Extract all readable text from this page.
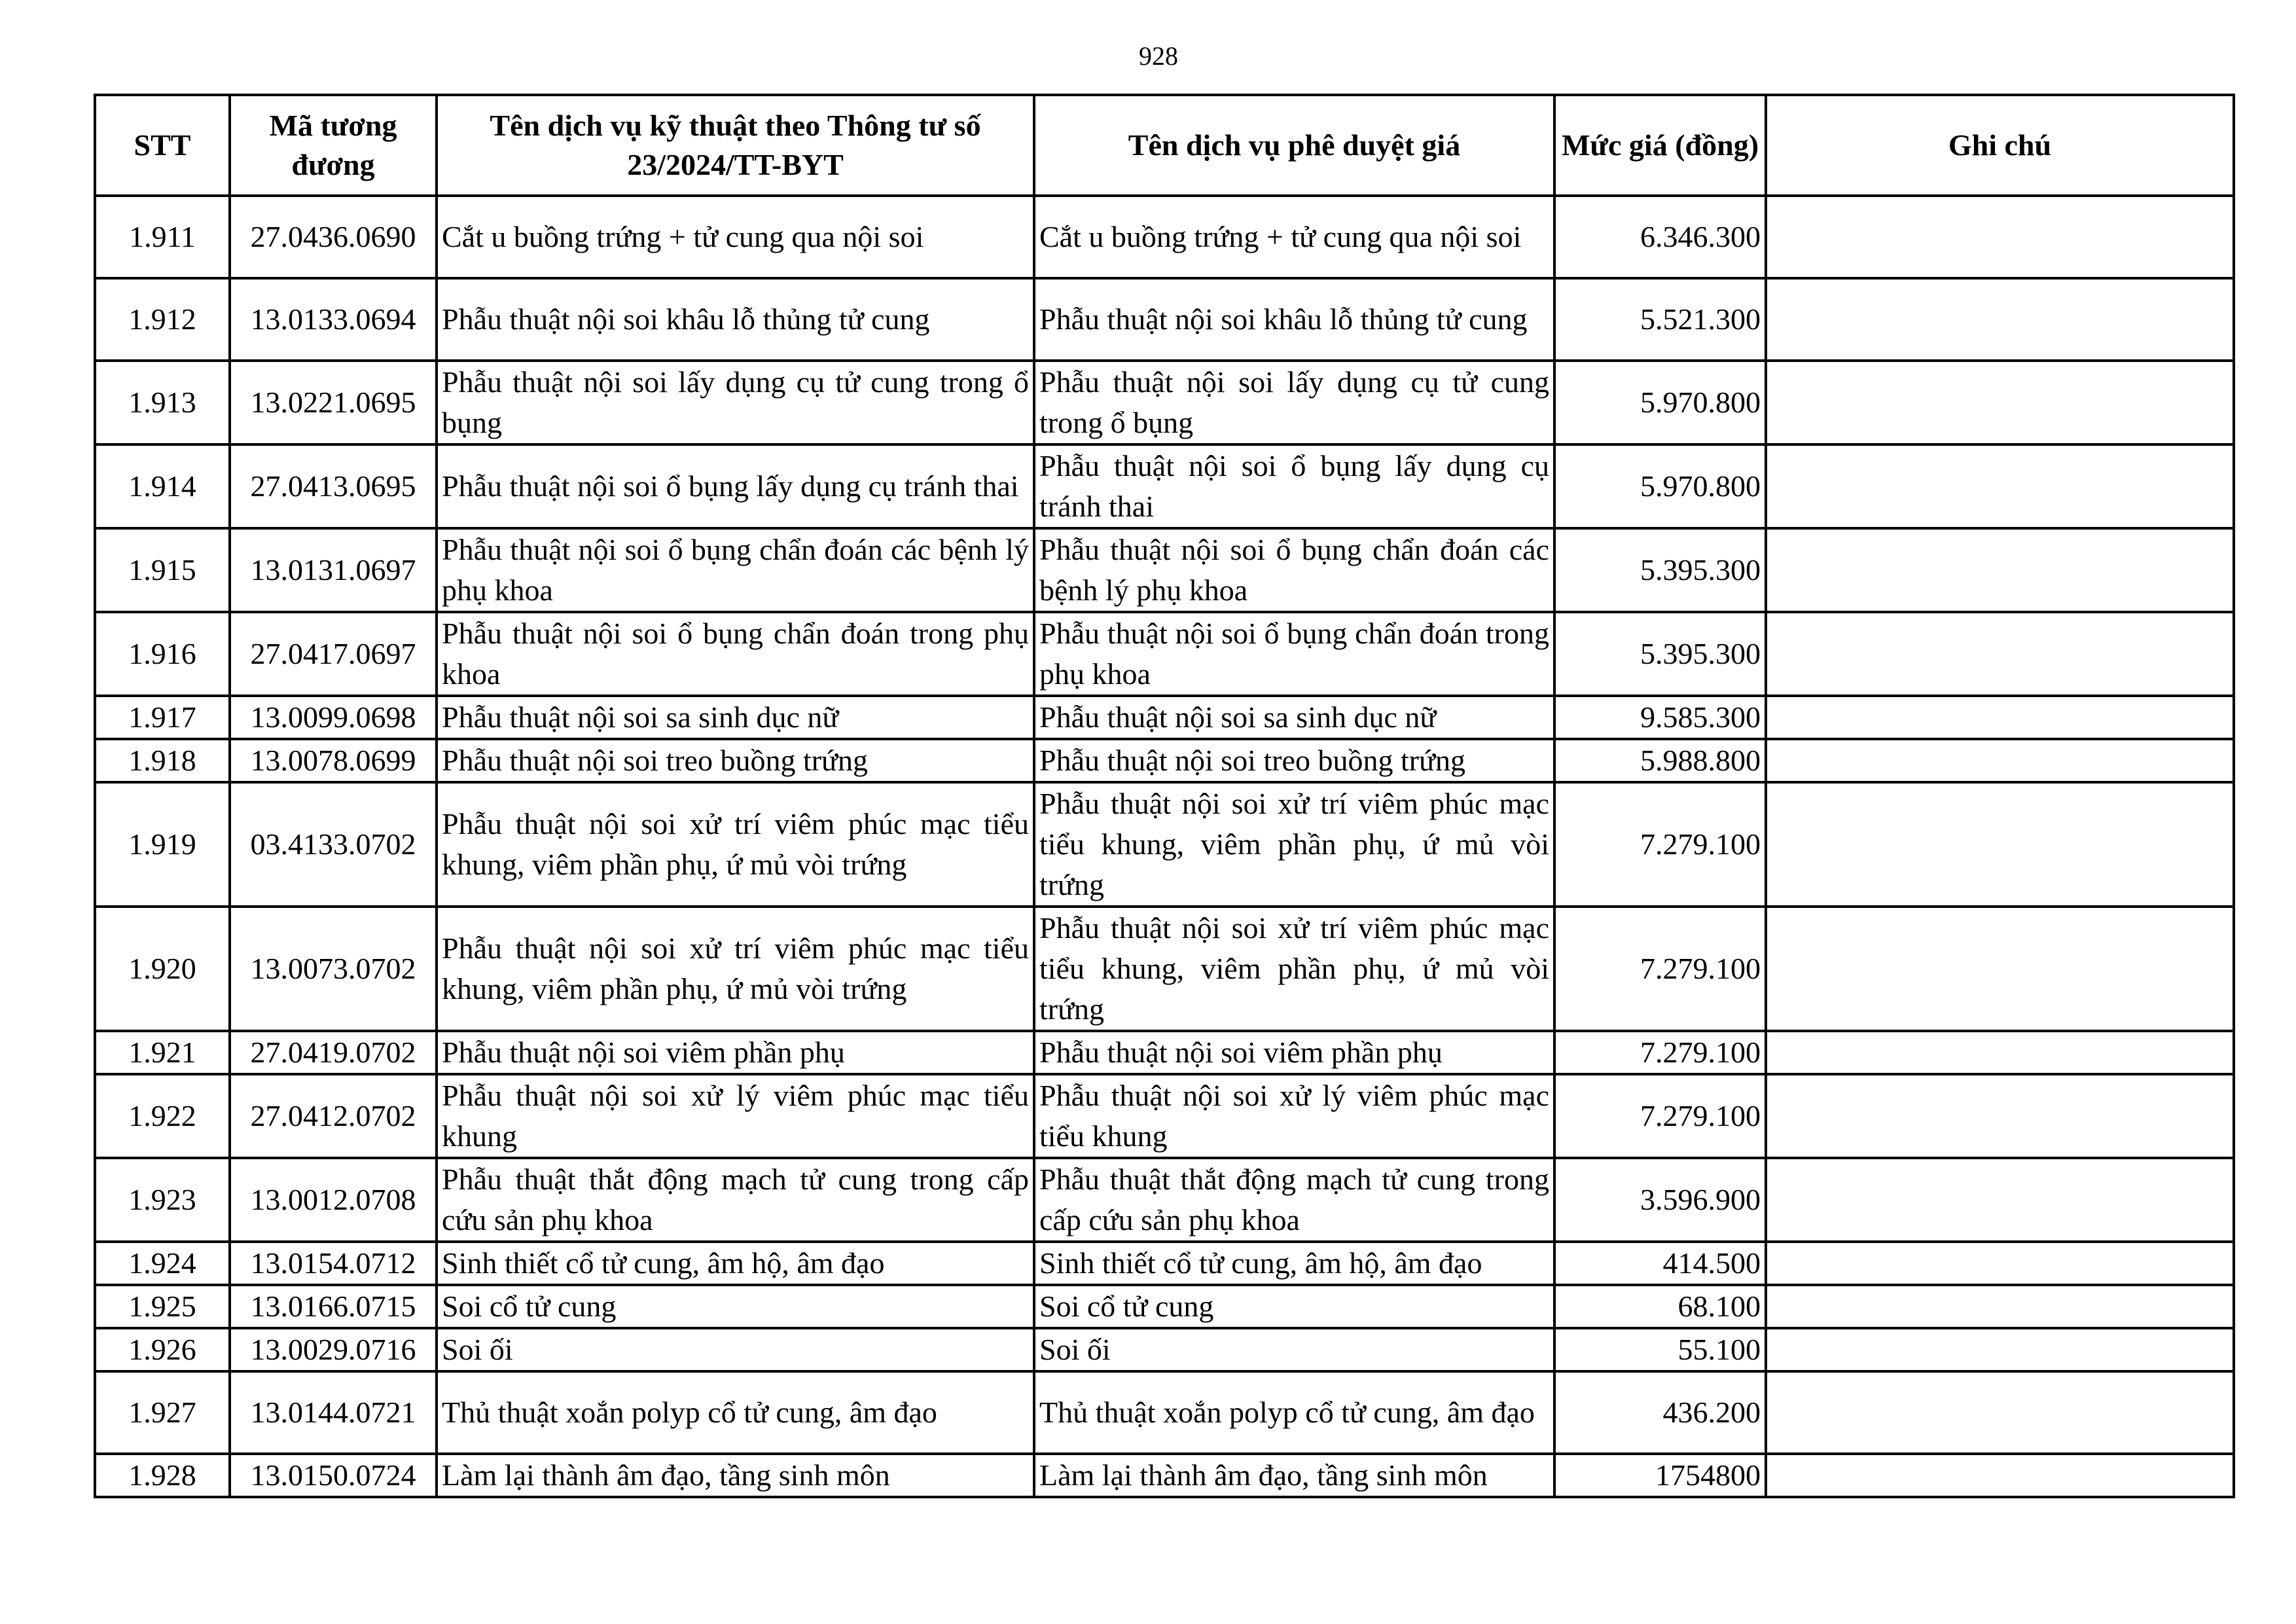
928
STT	Mã tương đương	Tên dịch vụ kỹ thuật theo Thông tư số 23/2024/TT-BYT	Tên dịch vụ phê duyệt giá	Mức giá (đồng)	Ghi chú
1.911	27.0436.0690	Cắt u buồng trứng + tử cung qua nội soi	Cắt u buồng trứng + tử cung qua nội soi	6.346.300	
1.912	13.0133.0694	Phẫu thuật nội soi khâu lỗ thủng tử cung	Phẫu thuật nội soi khâu lỗ thủng tử cung	5.521.300	
1.913	13.0221.0695	Phẫu thuật nội soi lấy dụng cụ tử cung trong ổ bụng	Phẫu thuật nội soi lấy dụng cụ tử cung trong ổ bụng	5.970.800	
1.914	27.0413.0695	Phẫu thuật nội soi ổ bụng lấy dụng cụ tránh thai	Phẫu thuật nội soi ổ bụng lấy dụng cụ tránh thai	5.970.800	
1.915	13.0131.0697	Phẫu thuật nội soi ổ bụng chẩn đoán các bệnh lý phụ khoa	Phẫu thuật nội soi ổ bụng chẩn đoán các bệnh lý phụ khoa	5.395.300	
1.916	27.0417.0697	Phẫu thuật nội soi ổ bụng chẩn đoán trong phụ khoa	Phẫu thuật nội soi ổ bụng chẩn đoán trong phụ khoa	5.395.300	
1.917	13.0099.0698	Phẫu thuật nội soi sa sinh dục nữ	Phẫu thuật nội soi sa sinh dục nữ	9.585.300	
1.918	13.0078.0699	Phẫu thuật nội soi treo buồng trứng	Phẫu thuật nội soi treo buồng trứng	5.988.800	
1.919	03.4133.0702	Phẫu thuật nội soi xử trí viêm phúc mạc tiểu khung, viêm phần phụ, ứ mủ vòi trứng	Phẫu thuật nội soi xử trí viêm phúc mạc tiểu khung, viêm phần phụ, ứ mủ vòi trứng	7.279.100	
1.920	13.0073.0702	Phẫu thuật nội soi xử trí viêm phúc mạc tiểu khung, viêm phần phụ, ứ mủ vòi trứng	Phẫu thuật nội soi xử trí viêm phúc mạc tiểu khung, viêm phần phụ, ứ mủ vòi trứng	7.279.100	
1.921	27.0419.0702	Phẫu thuật nội soi viêm phần phụ	Phẫu thuật nội soi viêm phần phụ	7.279.100	
1.922	27.0412.0702	Phẫu thuật nội soi xử lý viêm phúc mạc tiểu khung	Phẫu thuật nội soi xử lý viêm phúc mạc tiểu khung	7.279.100	
1.923	13.0012.0708	Phẫu thuật thắt động mạch tử cung trong cấp cứu sản phụ khoa	Phẫu thuật thắt động mạch tử cung trong cấp cứu sản phụ khoa	3.596.900	
1.924	13.0154.0712	Sinh thiết cổ tử cung, âm hộ, âm đạo	Sinh thiết cổ tử cung, âm hộ, âm đạo	414.500	
1.925	13.0166.0715	Soi cổ tử cung	Soi cổ tử cung	68.100	
1.926	13.0029.0716	Soi ối	Soi ối	55.100	
1.927	13.0144.0721	Thủ thuật xoắn polyp cổ tử cung, âm đạo	Thủ thuật xoắn polyp cổ tử cung, âm đạo	436.200	
1.928	13.0150.0724	Làm lại thành âm đạo, tầng sinh môn	Làm lại thành âm đạo, tầng sinh môn	1754800	
